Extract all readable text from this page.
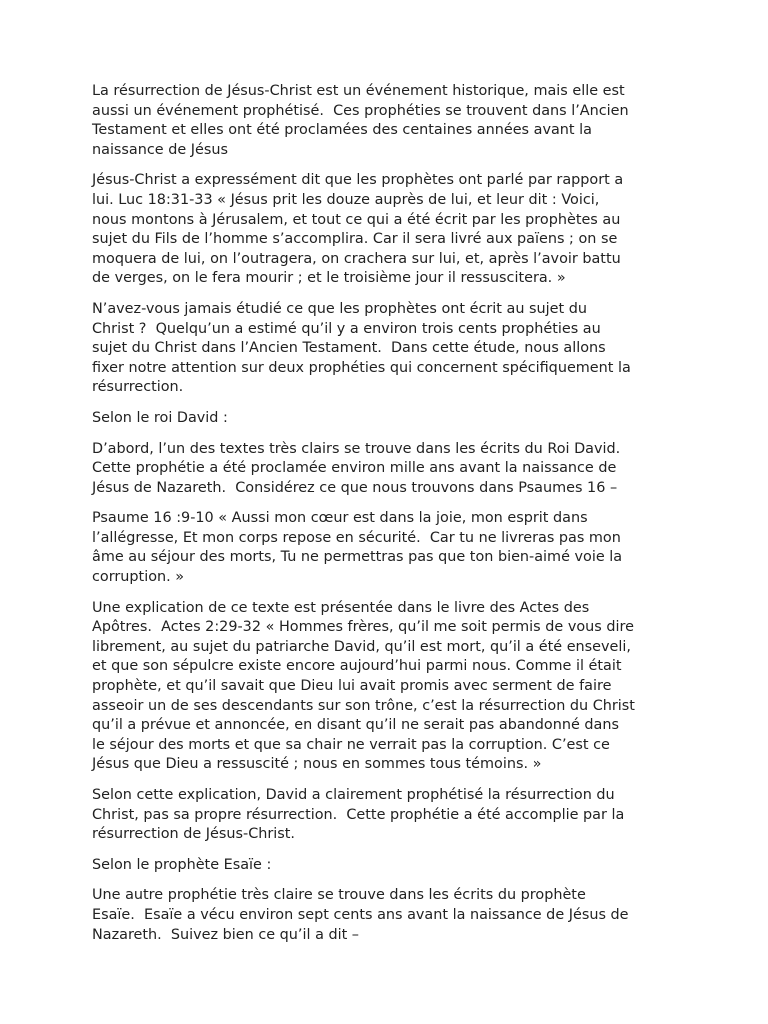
La résurrection de Jésus-Christ est un événement historique, mais elle est
aussi un événement prophétisé.  Ces prophéties se trouvent dans l’Ancien
Testament et elles ont été proclamées des centaines années avant la
naissance de Jésus

Jésus-Christ a expressément dit que les prophètes ont parlé par rapport a
lui. Luc 18:31-33 « Jésus prit les douze auprès de lui, et leur dit : Voici,
nous montons à Jérusalem, et tout ce qui a été écrit par les prophètes au
sujet du Fils de l’homme s’accomplira. Car il sera livré aux païens ; on se
moquera de lui, on l’outragera, on crachera sur lui, et, après l’avoir battu
de verges, on le fera mourir ; et le troisième jour il ressuscitera. »

N’avez-vous jamais étudié ce que les prophètes ont écrit au sujet du
Christ ?  Quelqu’un a estimé qu’il y a environ trois cents prophéties au
sujet du Christ dans l’Ancien Testament.  Dans cette étude, nous allons
fixer notre attention sur deux prophéties qui concernent spécifiquement la
résurrection.

Selon le roi David :

D’abord, l’un des textes très clairs se trouve dans les écrits du Roi David.
Cette prophétie a été proclamée environ mille ans avant la naissance de
Jésus de Nazareth.  Considérez ce que nous trouvons dans Psaumes 16 –

Psaume 16 :9-10 « Aussi mon cœur est dans la joie, mon esprit dans
l’allégresse, Et mon corps repose en sécurité.  Car tu ne livreras pas mon
âme au séjour des morts, Tu ne permettras pas que ton bien-aimé voie la
corruption. »

Une explication de ce texte est présentée dans le livre des Actes des
Apôtres.  Actes 2:29-32 « Hommes frères, qu’il me soit permis de vous dire
librement, au sujet du patriarche David, qu’il est mort, qu’il a été enseveli,
et que son sépulcre existe encore aujourd’hui parmi nous. Comme il était
prophète, et qu’il savait que Dieu lui avait promis avec serment de faire
asseoir un de ses descendants sur son trône, c’est la résurrection du Christ
qu’il a prévue et annoncée, en disant qu’il ne serait pas abandonné dans
le séjour des morts et que sa chair ne verrait pas la corruption. C’est ce
Jésus que Dieu a ressuscité ; nous en sommes tous témoins. »

Selon cette explication, David a clairement prophétisé la résurrection du
Christ, pas sa propre résurrection.  Cette prophétie a été accomplie par la
résurrection de Jésus-Christ.

Selon le prophète Esaïe :

Une autre prophétie très claire se trouve dans les écrits du prophète
Esaïe.  Esaïe a vécu environ sept cents ans avant la naissance de Jésus de
Nazareth.  Suivez bien ce qu’il a dit –
